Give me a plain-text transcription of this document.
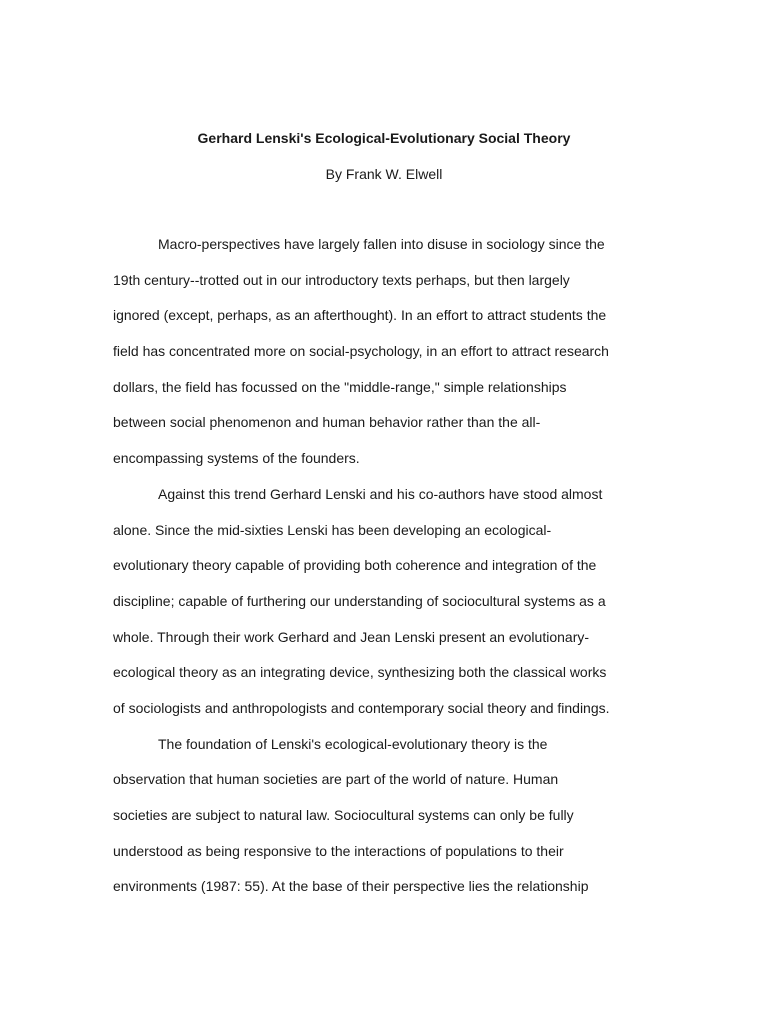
Gerhard Lenski's Ecological-Evolutionary Social Theory

By Frank W. Elwell

Macro-perspectives have largely fallen into disuse in sociology since the
19th century--trotted out in our introductory texts perhaps, but then largely
ignored (except, perhaps, as an afterthought). In an effort to attract students the
field has concentrated more on social-psychology, in an effort to attract research
dollars, the field has focussed on the "middle-range," simple relationships
between social phenomenon and human behavior rather than the all-
encompassing systems of the founders.
Against this trend Gerhard Lenski and his co-authors have stood almost
alone. Since the mid-sixties Lenski has been developing an ecological-
evolutionary theory capable of providing both coherence and integration of the
discipline; capable of furthering our understanding of sociocultural systems as a
whole. Through their work Gerhard and Jean Lenski present an evolutionary-
ecological theory as an integrating device, synthesizing both the classical works
of sociologists and anthropologists and contemporary social theory and findings.
The foundation of Lenski's ecological-evolutionary theory is the
observation that human societies are part of the world of nature. Human
societies are subject to natural law. Sociocultural systems can only be fully
understood as being responsive to the interactions of populations to their
environments (1987: 55). At the base of their perspective lies the relationship
